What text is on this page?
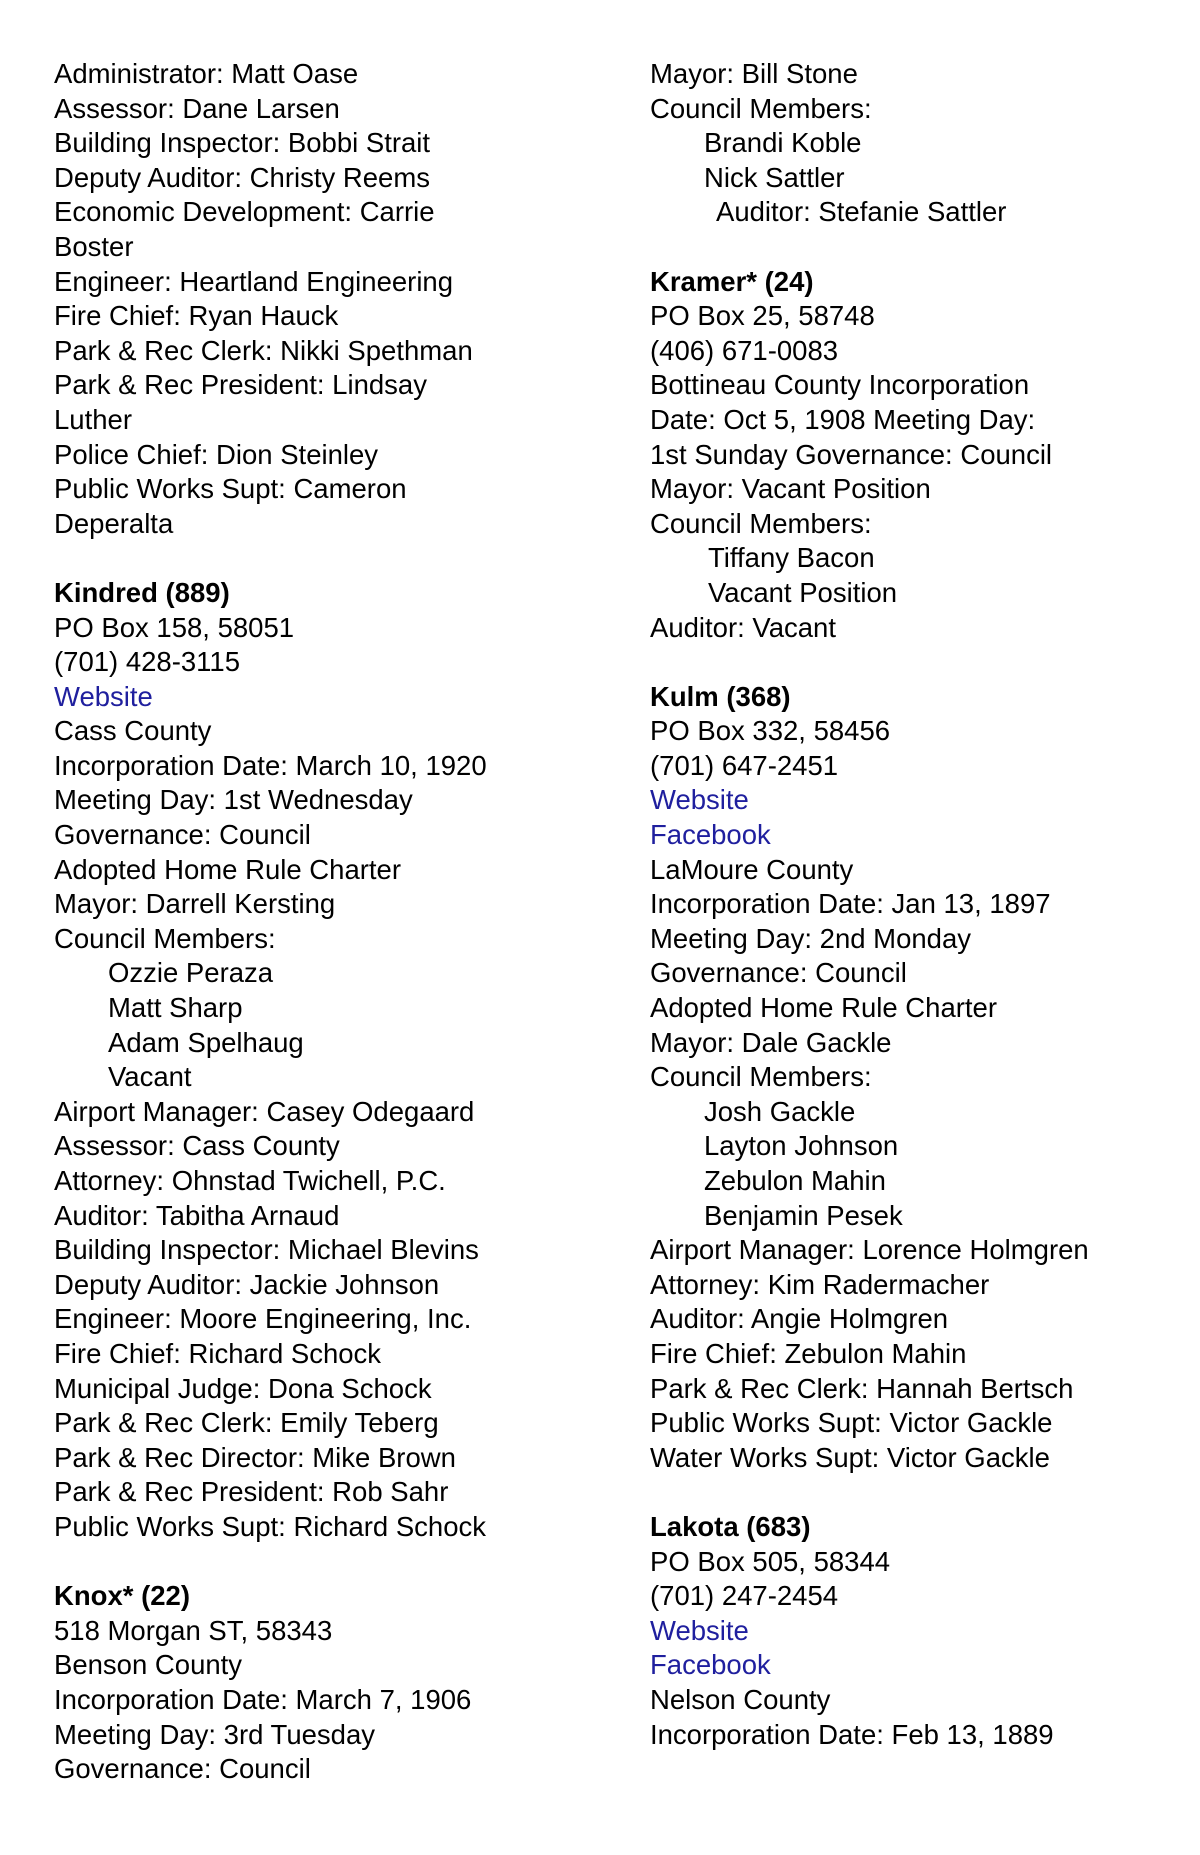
Administrator: Matt Oase
Assessor: Dane Larsen
Building Inspector: Bobbi Strait
Deputy Auditor: Christy Reems
Economic Development: Carrie
Boster
Engineer: Heartland Engineering
Fire Chief: Ryan Hauck
Park & Rec Clerk: Nikki Spethman
Park & Rec President: Lindsay
Luther
Police Chief: Dion Steinley
Public Works Supt: Cameron
Deperalta
Kindred (889)
PO Box 158, 58051
(701) 428-3115
Website
Cass County
Incorporation Date: March 10, 1920
Meeting Day: 1st Wednesday
Governance: Council
Adopted Home Rule Charter
Mayor: Darrell Kersting
Council Members:
Ozzie Peraza
Matt Sharp
Adam Spelhaug
Vacant
Airport Manager: Casey Odegaard
Assessor: Cass County
Attorney: Ohnstad Twichell, P.C.
Auditor: Tabitha Arnaud
Building Inspector: Michael Blevins
Deputy Auditor: Jackie Johnson
Engineer: Moore Engineering, Inc.
Fire Chief: Richard Schock
Municipal Judge: Dona Schock
Park & Rec Clerk: Emily Teberg
Park & Rec Director: Mike Brown
Park & Rec President: Rob Sahr
Public Works Supt: Richard Schock
Knox* (22)
518 Morgan ST, 58343
Benson County
Incorporation Date: March 7, 1906
Meeting Day: 3rd Tuesday
Governance: Council
Mayor: Bill Stone
Council Members:
Brandi Koble
Nick Sattler
Auditor: Stefanie Sattler
Kramer* (24)
PO Box 25, 58748
(406) 671-0083
Bottineau County Incorporation
Date: Oct 5, 1908 Meeting Day:
1st Sunday Governance: Council
Mayor: Vacant Position
Council Members:
Tiffany Bacon
Vacant Position
Auditor: Vacant
Kulm (368)
PO Box 332, 58456
(701) 647-2451
Website
Facebook
LaMoure County
Incorporation Date: Jan 13, 1897
Meeting Day: 2nd Monday
Governance: Council
Adopted Home Rule Charter
Mayor: Dale Gackle
Council Members:
Josh Gackle
Layton Johnson
Zebulon Mahin
Benjamin Pesek
Airport Manager: Lorence Holmgren
Attorney: Kim Radermacher
Auditor: Angie Holmgren
Fire Chief: Zebulon Mahin
Park & Rec Clerk: Hannah Bertsch
Public Works Supt: Victor Gackle
Water Works Supt: Victor Gackle
Lakota (683)
PO Box 505, 58344
(701) 247-2454
Website
Facebook
Nelson County
Incorporation Date: Feb 13, 1889
